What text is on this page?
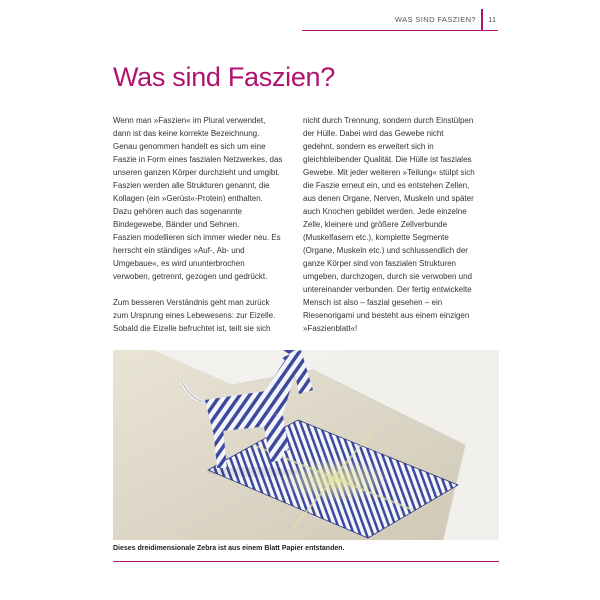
WAS SIND FASZIEN? 11
Was sind Faszien?

Wenn man »Faszien« im Plural verwendet, dann ist das keine korrekte Bezeichnung. Genau genommen handelt es sich um eine Faszie in Form eines faszialen Netzwerkes, das unseren ganzen Körper durchzieht und umgibt. Faszien werden alle Strukturen genannt, die Kollagen (ein »Gerüst«-Protein) enthalten. Dazu gehören auch das sogenannte Bindegewebe, Bänder und Sehnen.
Faszien modellieren sich immer wieder neu. Es herrscht ein ständiges »Auf-, Ab- und Umgebaue«, es wird ununterbrochen verwoben, getrennt, gezogen und gedrückt.

Zum besseren Verständnis geht man zurück zum Ursprung eines Lebewesens: zur Eizelle. Sobald die Eizelle befruchtet ist, teilt sie sich

nicht durch Trennung, sondern durch Einstülpen der Hülle. Dabei wird das Gewebe nicht gedehnt, sondern es erweitert sich in gleichbleibender Qualität. Die Hülle ist fasziales Gewebe. Mit jeder weiteren »Teilung« stülpt sich die Faszie erneut ein, und es entstehen Zellen, aus denen Organe, Nerven, Muskeln und später auch Knochen gebildet werden. Jede einzelne Zelle, kleinere und größere Zellverbunde (Muskelfasern etc.), komplette Segmente (Organe, Muskeln etc.) und schlussendlich der ganze Körper sind von faszialen Strukturen umgeben, durchzogen, durch sie verwoben und untereinander verbunden. Der fertig entwickelte Mensch ist also – faszial gesehen – ein Riesenorigami und besteht aus einem einzigen »Faszienblatt«!

Dieses dreidimensionale Zebra ist aus einem Blatt Papier entstanden.
